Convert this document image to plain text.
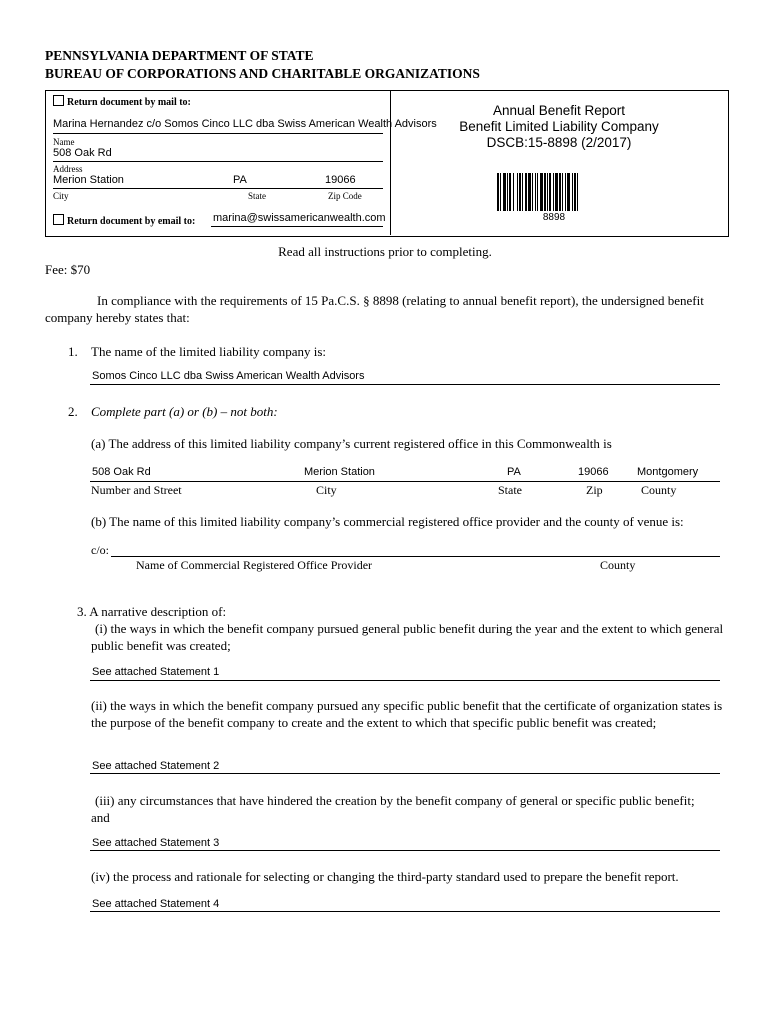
PENNSYLVANIA DEPARTMENT OF STATE
BUREAU OF CORPORATIONS AND CHARITABLE ORGANIZATIONS
Return document by mail to:
Marina Hernandez c/o Somos Cinco LLC dba Swiss American Wealth Advisors
Name
508 Oak Rd
Address
Merion Station	PA	19066
City	State	Zip Code
Return document by email to: marina@swissamericanwealth.com
Annual Benefit Report
Benefit Limited Liability Company
DSCB:15-8898 (2/2017)
8898
Read all instructions prior to completing.
Fee: $70
In compliance with the requirements of 15 Pa.C.S. § 8898 (relating to annual benefit report), the undersigned benefit company hereby states that:
1. The name of the limited liability company is:
Somos Cinco LLC dba Swiss American Wealth Advisors
2. Complete part (a) or (b) – not both:
(a) The address of this limited liability company’s current registered office in this Commonwealth is
508 Oak Rd	Merion Station	PA	19066	Montgomery
Number and Street	City	State	Zip	County
(b) The name of this limited liability company’s commercial registered office provider and the county of venue is:
c/o:
Name of Commercial Registered Office Provider	County
3. A narrative description of:
(i) the ways in which the benefit company pursued general public benefit during the year and the extent to which general public benefit was created;
See attached Statement 1
(ii) the ways in which the benefit company pursued any specific public benefit that the certificate of organization states is the purpose of the benefit company to create and the extent to which that specific public benefit was created;
See attached Statement 2
(iii) any circumstances that have hindered the creation by the benefit company of general or specific public benefit; and
See attached Statement 3
(iv) the process and rationale for selecting or changing the third-party standard used to prepare the benefit report.
See attached Statement 4
